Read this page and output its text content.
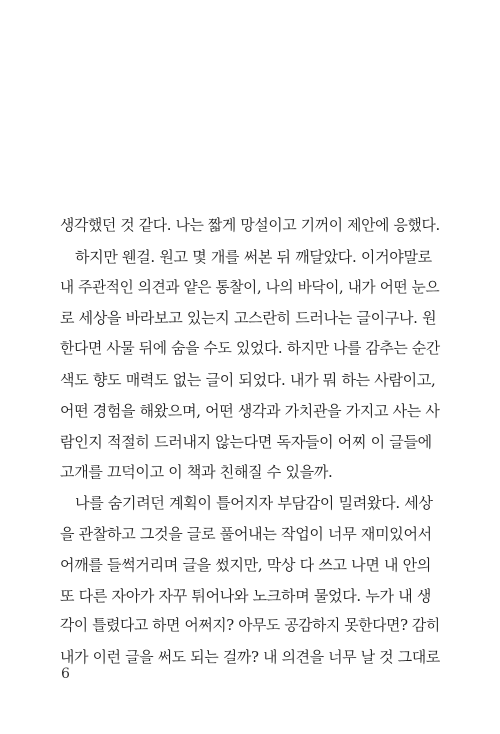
생각했던 것 같다. 나는 짧게 망설이고 기꺼이 제안에 응했다.
하지만 웬걸. 원고 몇 개를 써본 뒤 깨달았다. 이거야말로
내 주관적인 의견과 얕은 통찰이, 나의 바닥이, 내가 어떤 눈으
로 세상을 바라보고 있는지 고스란히 드러나는 글이구나. 원
한다면 사물 뒤에 숨을 수도 있었다. 하지만 나를 감추는 순간
색도 향도 매력도 없는 글이 되었다. 내가 뭐 하는 사람이고,
어떤 경험을 해왔으며, 어떤 생각과 가치관을 가지고 사는 사
람인지 적절히 드러내지 않는다면 독자들이 어찌 이 글들에
고개를 끄덕이고 이 책과 친해질 수 있을까.
나를 숨기려던 계획이 틀어지자 부담감이 밀려왔다. 세상
을 관찰하고 그것을 글로 풀어내는 작업이 너무 재미있어서
어깨를 들썩거리며 글을 썼지만, 막상 다 쓰고 나면 내 안의
또 다른 자아가 자꾸 튀어나와 노크하며 물었다. 누가 내 생
각이 틀렸다고 하면 어쩌지? 아무도 공감하지 못한다면? 감히
내가 이런 글을 써도 되는 걸까? 내 의견을 너무 날 것 그대로
6
